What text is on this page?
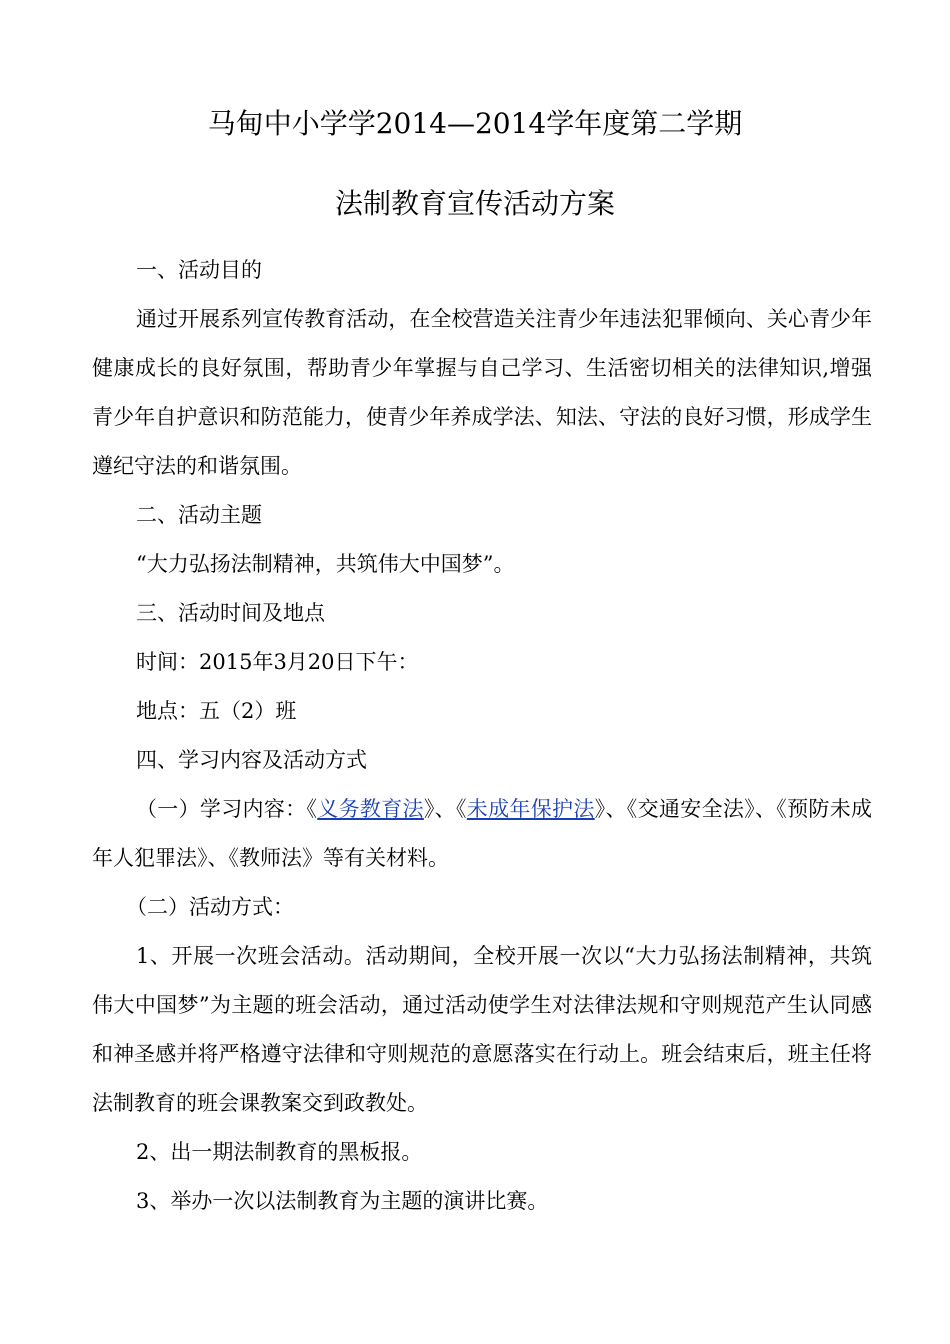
马甸中小学学2014—2014学年度第二学期
法制教育宣传活动方案
一、活动目的
通过开展系列宣传教育活动，在全校营造关注青少年违法犯罪倾向、关心青少年健康成长的良好氛围，帮助青少年掌握与自己学习、生活密切相关的法律知识,增强青少年自护意识和防范能力，使青少年养成学法、知法、守法的良好习惯，形成学生遵纪守法的和谐氛围。
二、活动主题
“大力弘扬法制精神，共筑伟大中国梦”。
三、活动时间及地点
时间：2015年3月20日下午：
地点：五（2）班
四、学习内容及活动方式
（一）学习内容：《义务教育法》、《未成年保护法》、《交通安全法》、《预防未成年人犯罪法》、《教师法》等有关材料。
（二）活动方式：
1、开展一次班会活动。活动期间，全校开展一次以“大力弘扬法制精神，共筑伟大中国梦”为主题的班会活动，通过活动使学生对法律法规和守则规范产生认同感和神圣感并将严格遵守法律和守则规范的意愿落实在行动上。班会结束后，班主任将法制教育的班会课教案交到政教处。
2、出一期法制教育的黑板报。
3、举办一次以法制教育为主题的演讲比赛。
